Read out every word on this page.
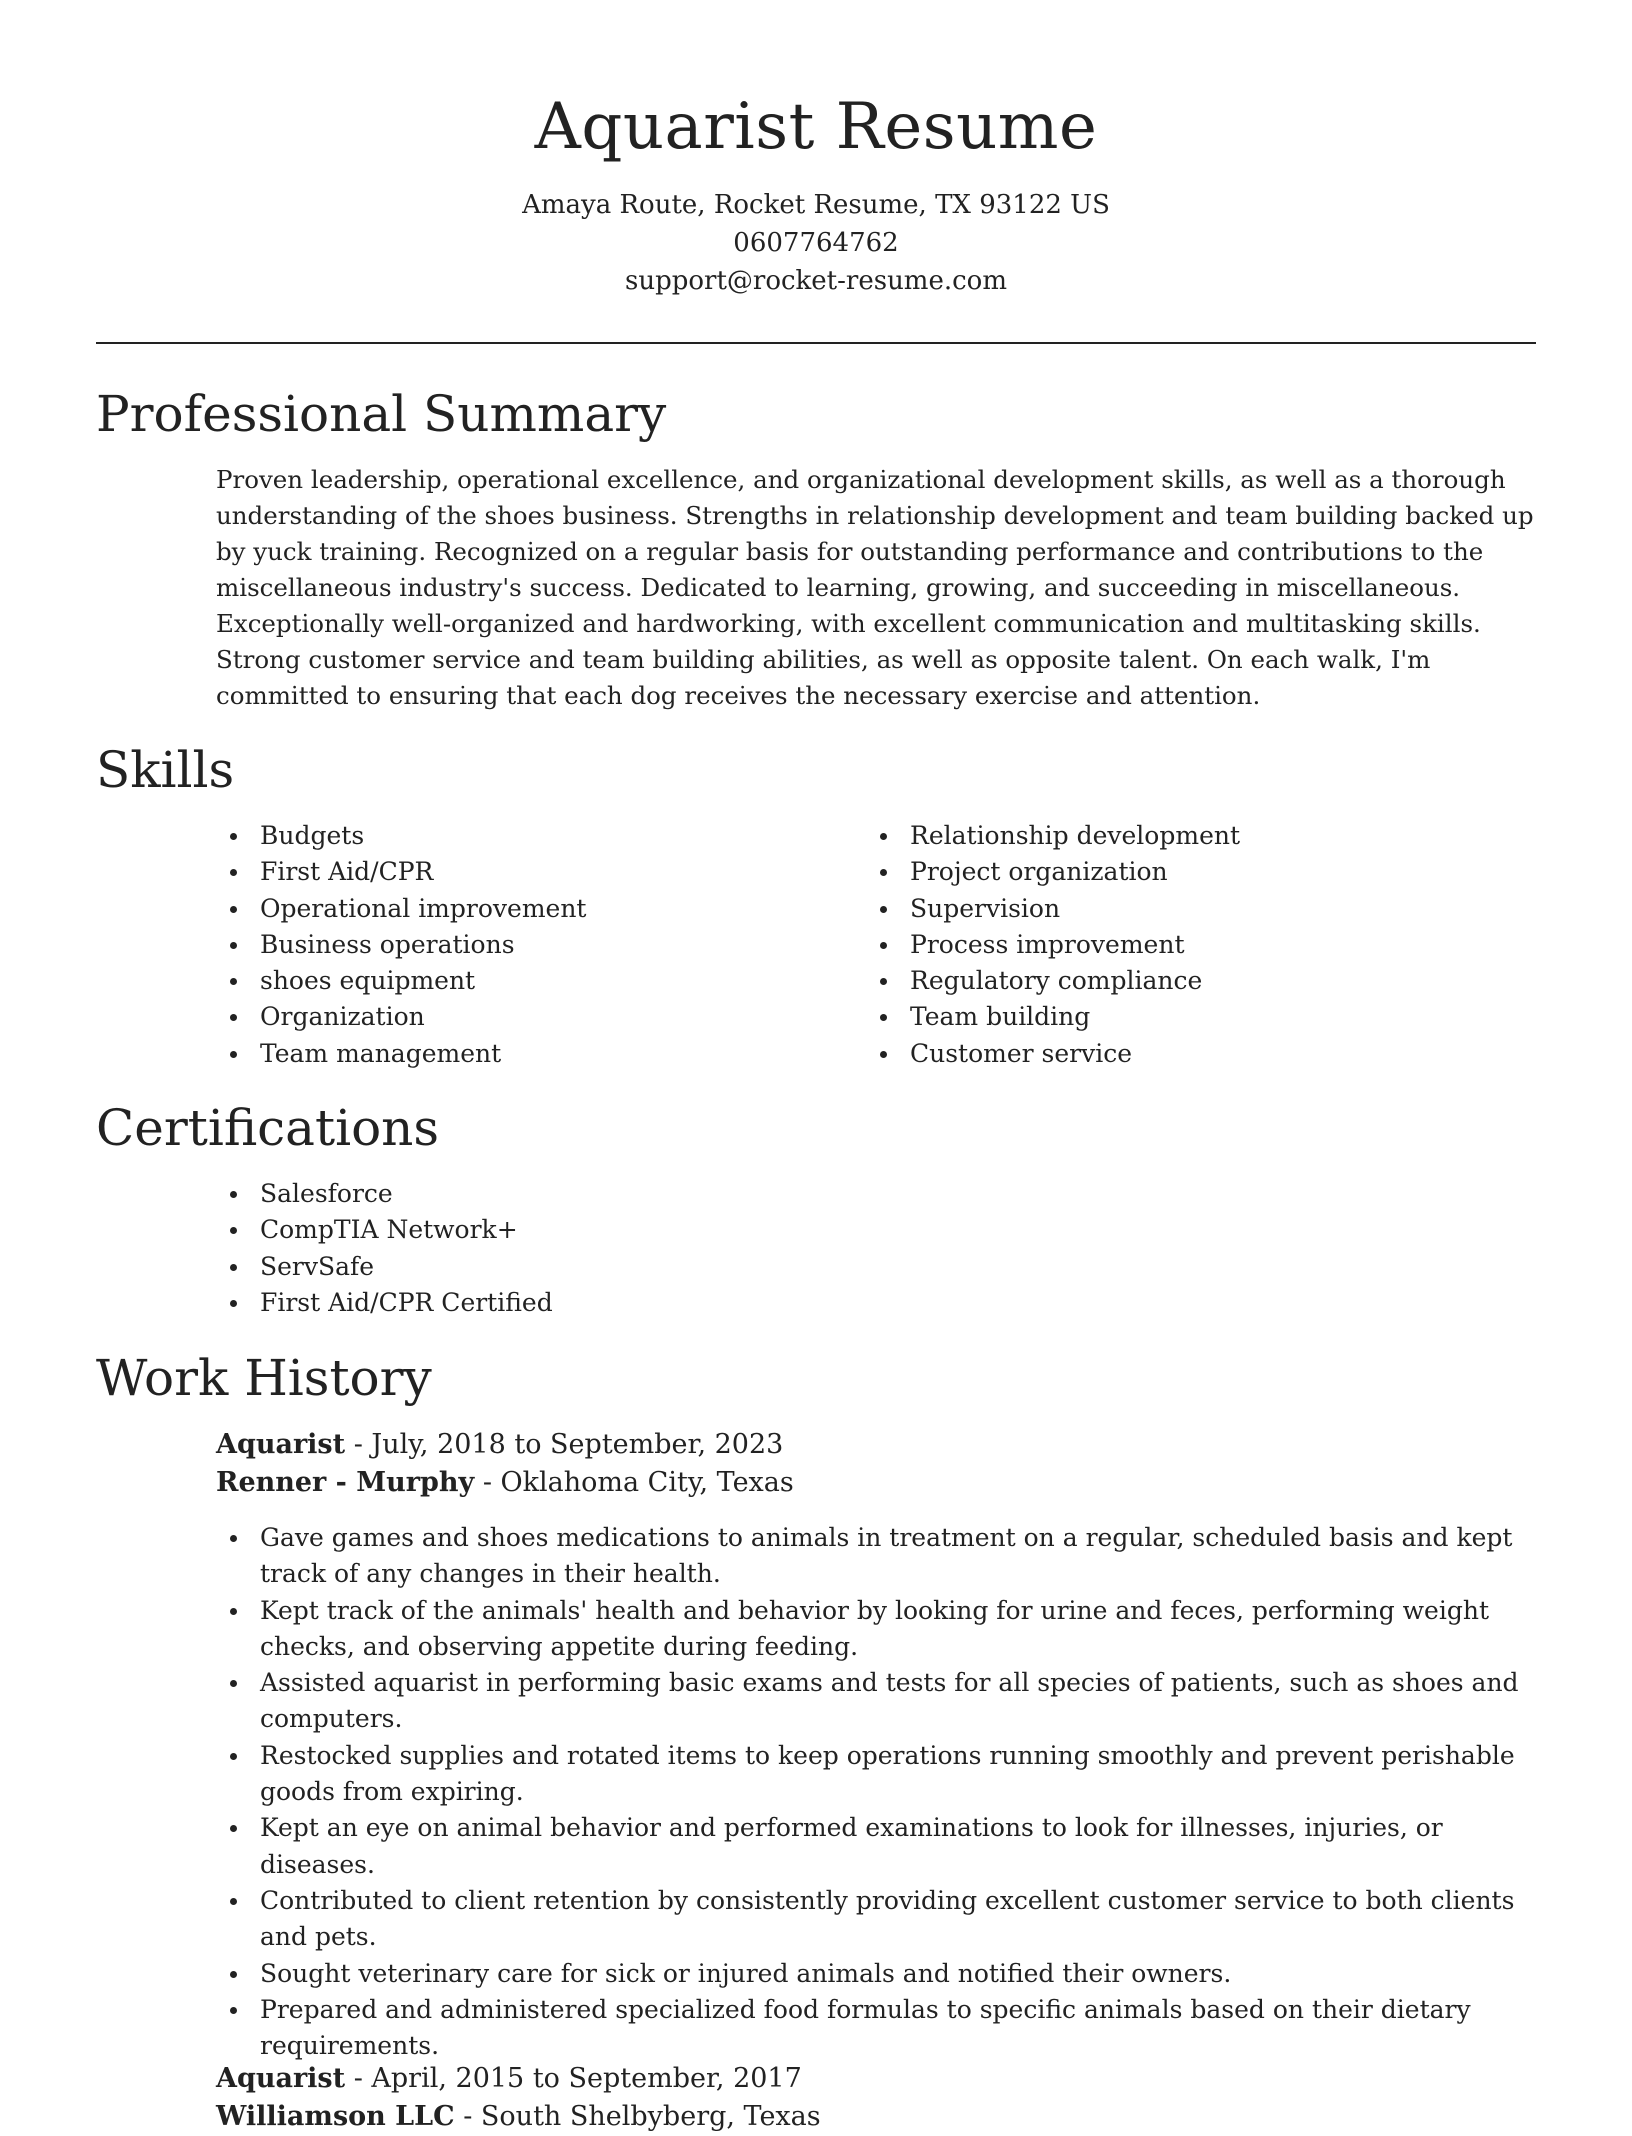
Aquarist Resume

Amaya Route, Rocket Resume, TX 93122 US

0607764762

support@rocket-resume.com

Professional Summary

Proven leadership, operational excellence, and organizational development skills, as well as a thorough understanding of the shoes business. Strengths in relationship development and team building backed up by yuck training. Recognized on a regular basis for outstanding performance and contributions to the miscellaneous industry's success. Dedicated to learning, growing, and succeeding in miscellaneous. Exceptionally well-organized and hardworking, with excellent communication and multitasking skills. Strong customer service and team building abilities, as well as opposite talent. On each walk, I'm committed to ensuring that each dog receives the necessary exercise and attention.

Skills
Budgets
First Aid/CPR
Operational improvement
Business operations
shoes equipment
Organization
Team management
Relationship development
Project organization
Supervision
Process improvement
Regulatory compliance
Team building
Customer service
Certifications
Salesforce
CompTIA Network+
ServSafe
First Aid/CPR Certified
Work History

Aquarist - July, 2018 to September, 2023

Renner - Murphy - Oklahoma City, Texas

Gave games and shoes medications to animals in treatment on a regular, scheduled basis and kept track of any changes in their health.
Kept track of the animals' health and behavior by looking for urine and feces, performing weight checks, and observing appetite during feeding.
Assisted aquarist in performing basic exams and tests for all species of patients, such as shoes and computers.
Restocked supplies and rotated items to keep operations running smoothly and prevent perishable goods from expiring.
Kept an eye on animal behavior and performed examinations to look for illnesses, injuries, or diseases.
Contributed to client retention by consistently providing excellent customer service to both clients and pets.
Sought veterinary care for sick or injured animals and notified their owners.
Prepared and administered specialized food formulas to specific animals based on their dietary requirements.

Aquarist - April, 2015 to September, 2017

Williamson LLC - South Shelbyberg, Texas
